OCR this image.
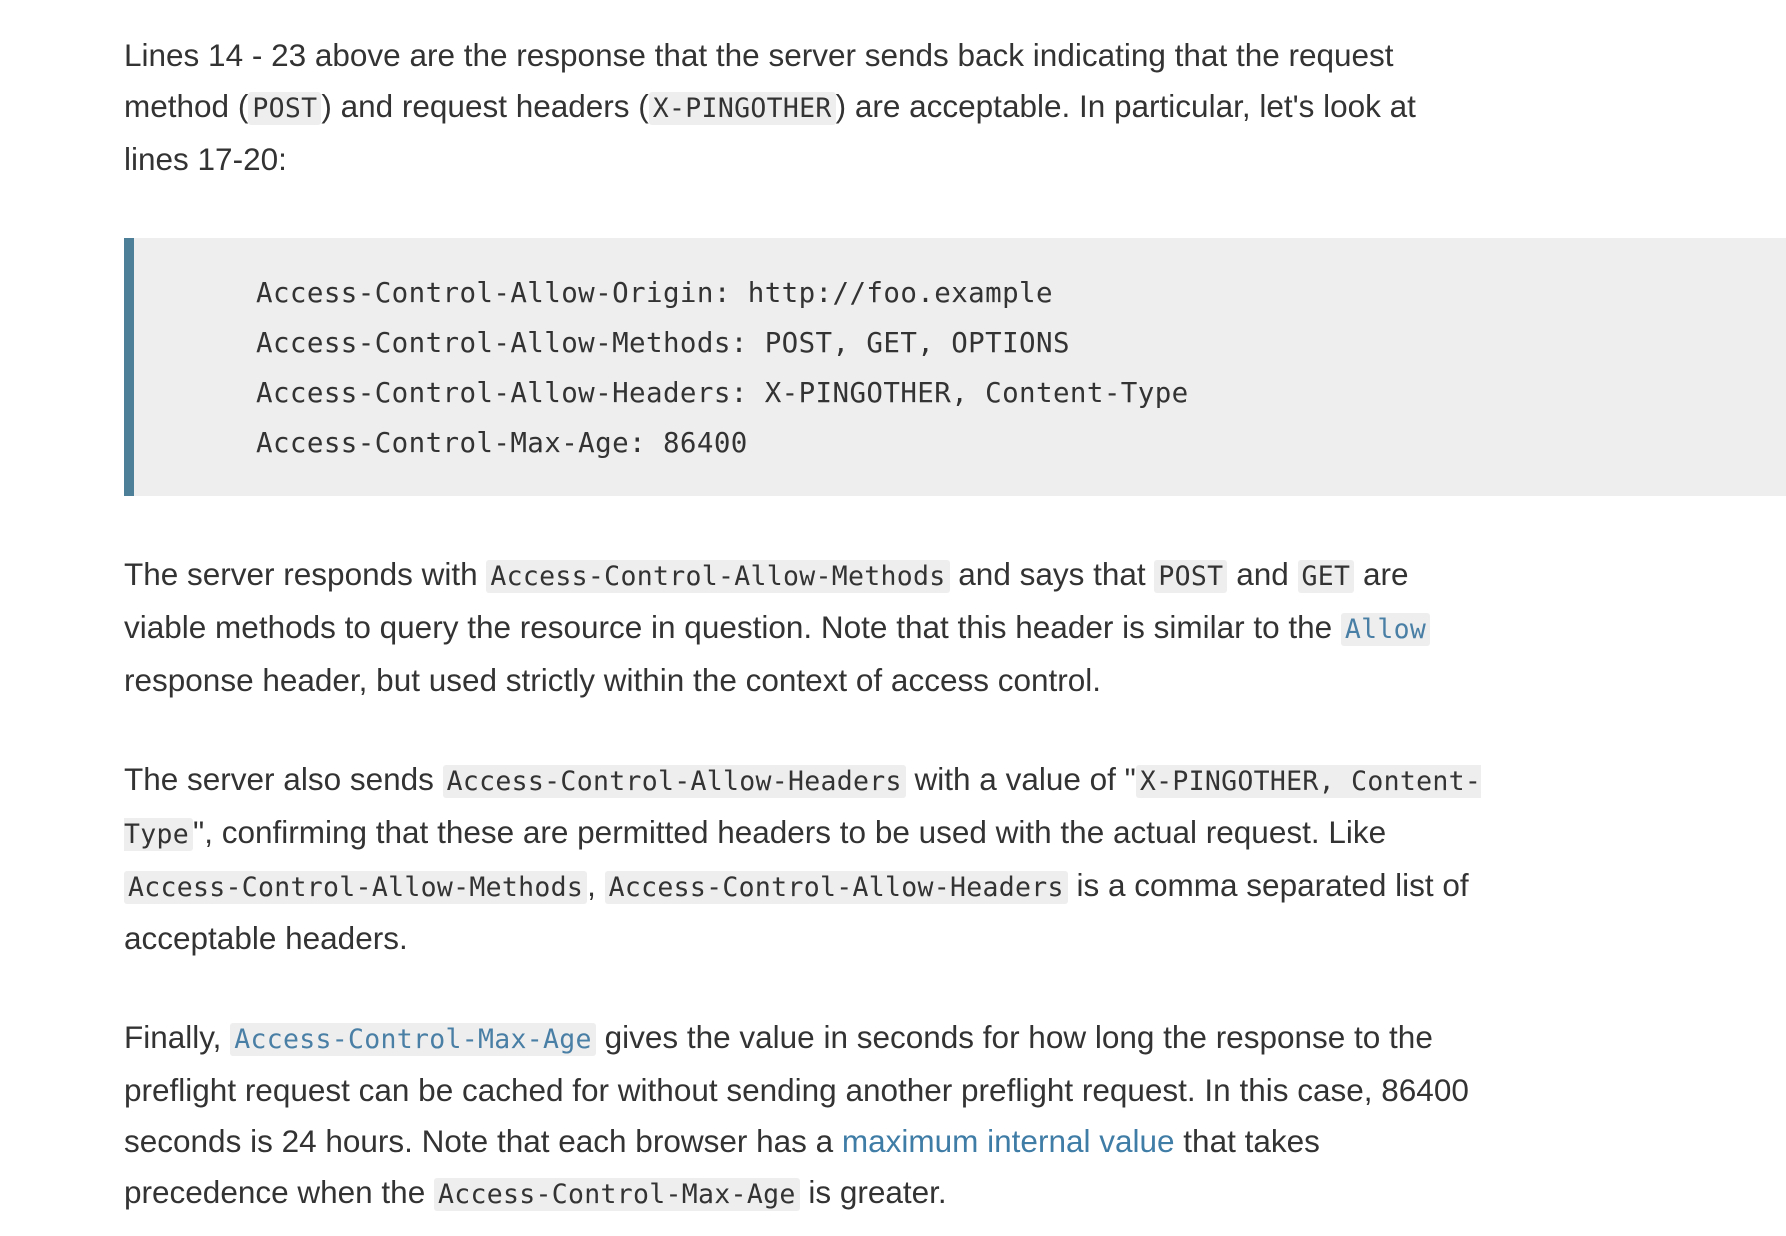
Lines 14 - 23 above are the response that the server sends back indicating that the request method ( POST ) and request headers ( X-PINGOTHER ) are acceptable. In particular, let's look at lines 17-20:

Access-Control-Allow-Origin: http://foo.example
Access-Control-Allow-Methods: POST, GET, OPTIONS
Access-Control-Allow-Headers: X-PINGOTHER, Content-Type
Access-Control-Max-Age: 86400

The server responds with Access-Control-Allow-Methods and says that POST and GET are viable methods to query the resource in question. Note that this header is similar to the Allow response header, but used strictly within the context of access control.

The server also sends Access-Control-Allow-Headers with a value of " X-PINGOTHER, Content-Type ", confirming that these are permitted headers to be used with the actual request. Like Access-Control-Allow-Methods , Access-Control-Allow-Headers is a comma separated list of acceptable headers.

Finally, Access-Control-Max-Age gives the value in seconds for how long the response to the preflight request can be cached for without sending another preflight request. In this case, 86400 seconds is 24 hours. Note that each browser has a maximum internal value that takes precedence when the Access-Control-Max-Age is greater.
